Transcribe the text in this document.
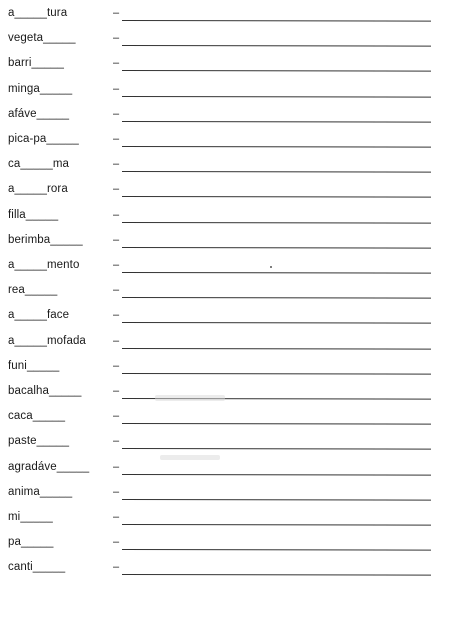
a_____tura	–
vegeta_____	–
barri_____	–
minga_____	–
afáve_____	–
pica-pa_____	–
ca_____ma	–
a_____rora	–
filla_____	–
berimba_____	–
a_____mento	–
rea_____	–
a_____face	–
a_____mofada –
funi_____	–
bacalha_____	–
caca_____	–
paste_____	–
agradáve_____ –
anima_____	–
mi_____	–
pa_____	–
canti_____	–
